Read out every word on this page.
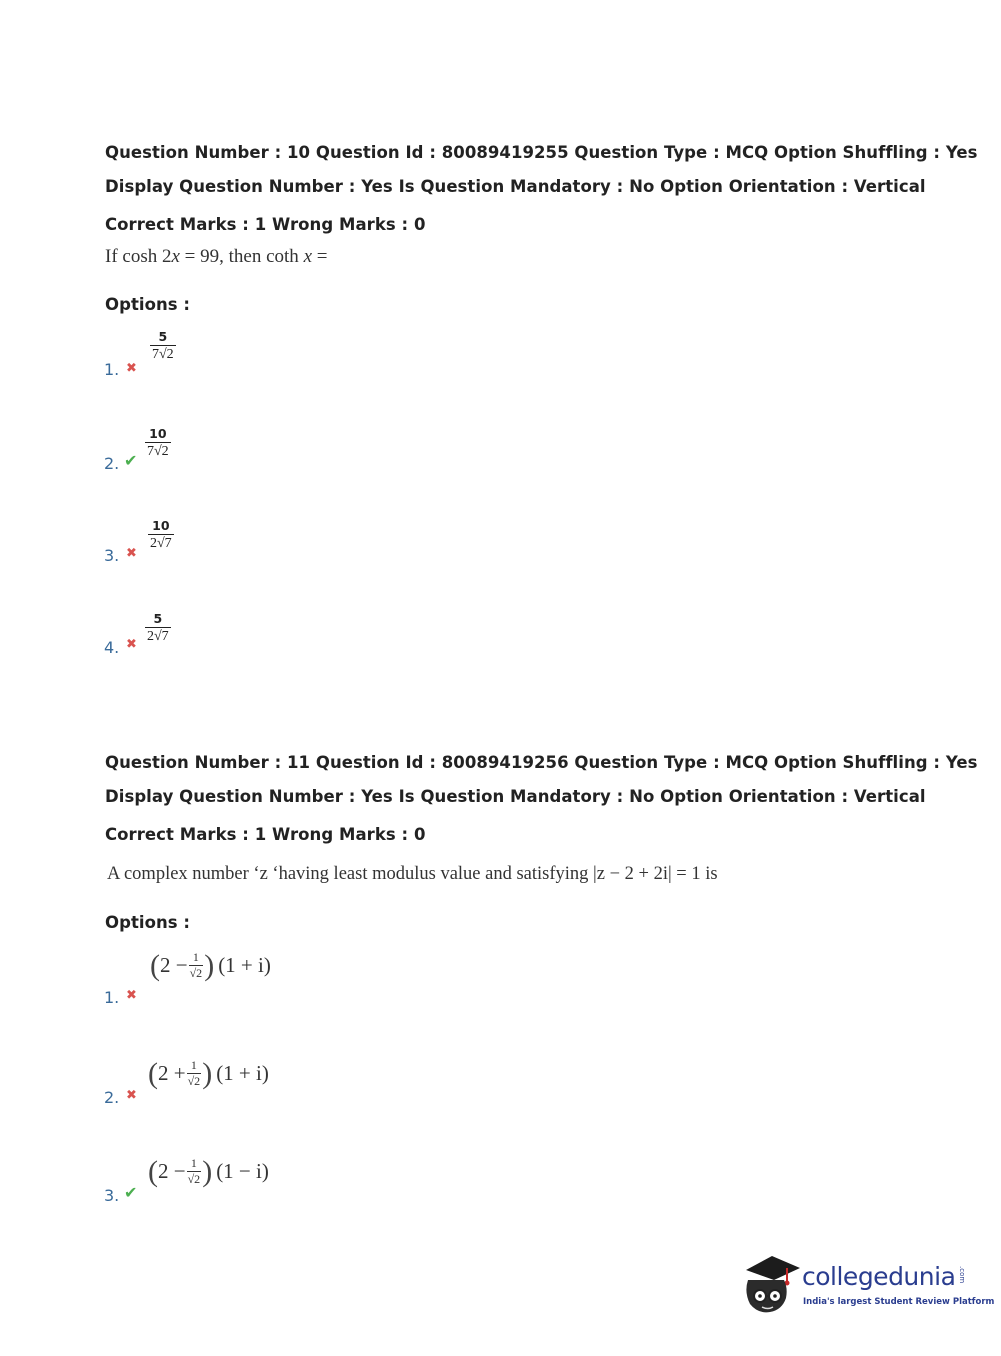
Question Number : 10 Question Id : 80089419255 Question Type : MCQ Option Shuffling : Yes
Display Question Number : Yes Is Question Mandatory : No Option Orientation : Vertical
Correct Marks : 1 Wrong Marks : 0
If cosh 2x = 99, then coth x =
Options :
1. ✖
$\frac{5}{7√2}$
2. ✔
$\frac{10}{7√2}$
3. ✖
$\frac{10}{2√7}$
4. ✖ $\frac{5}{2√7}$
Question Number : 11 Question Id : 80089419256 Question Type : MCQ Option Shuffling : Yes
Display Question Number : Yes Is Question Mandatory : No Option Orientation : Vertical
Correct Marks : 1 Wrong Marks : 0
A complex number ‘z ‘having least modulus value and satisfying |z − 2 + 2i| = 1 is
Options :
1. ✖
( $2 - \frac{1}{√2}$ ) (1 + i)
2. ✖
( $2 + \frac{1}{√2}$ ) (1 + i)
3. ✔
( $2 - \frac{1}{√2}$ ) (1 − i)
collegedunia .com
India's largest Student Review Platform
